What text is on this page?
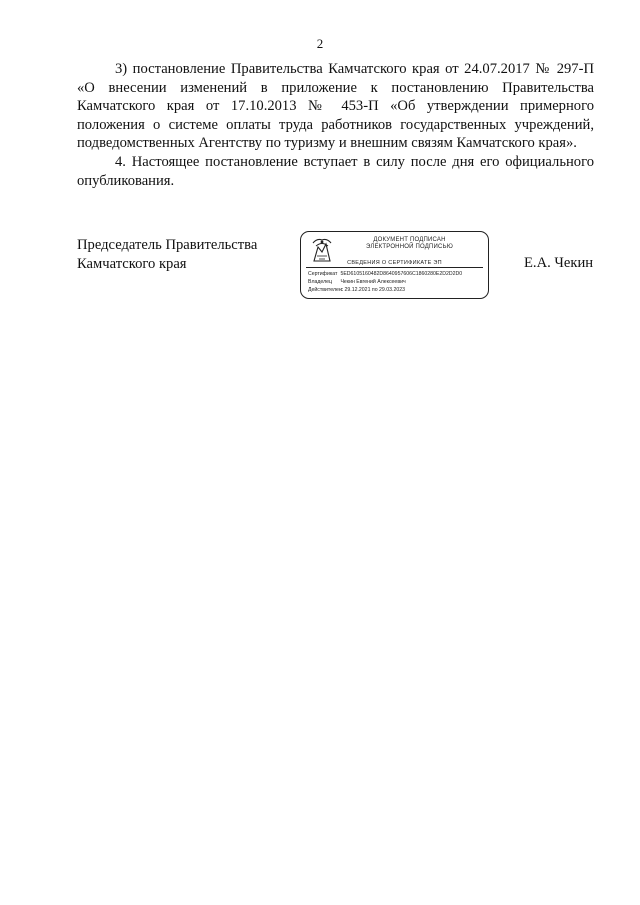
2

3) постановление Правительства Камчатского края от 24.07.2017 № 297-П «О внесении изменений в приложение к постановлению Правительства Камчатского края от 17.10.2013 № 453-П «Об утверждении примерного положения о системе оплаты труда работников государственных учреждений, подведомственных Агентству по туризму и внешним связям Камчатского края».

4. Настоящее постановление вступает в силу после дня его официального опубликования.

Председатель Правительства
Камчатского края
ДОКУМЕНТ ПОДПИСАН
ЭЛЕКТРОННОЙ ПОДПИСЬЮ
СВЕДЕНИЯ О СЕРТИФИКАТЕ ЭП
Сертификат 5ED6105160482D8640957606C1860280E2D2D2D0
Владелец Чекин Евгений Алексеевич
Действителен с 29.12.2021 по 29.03.2023
Е.А. Чекин
